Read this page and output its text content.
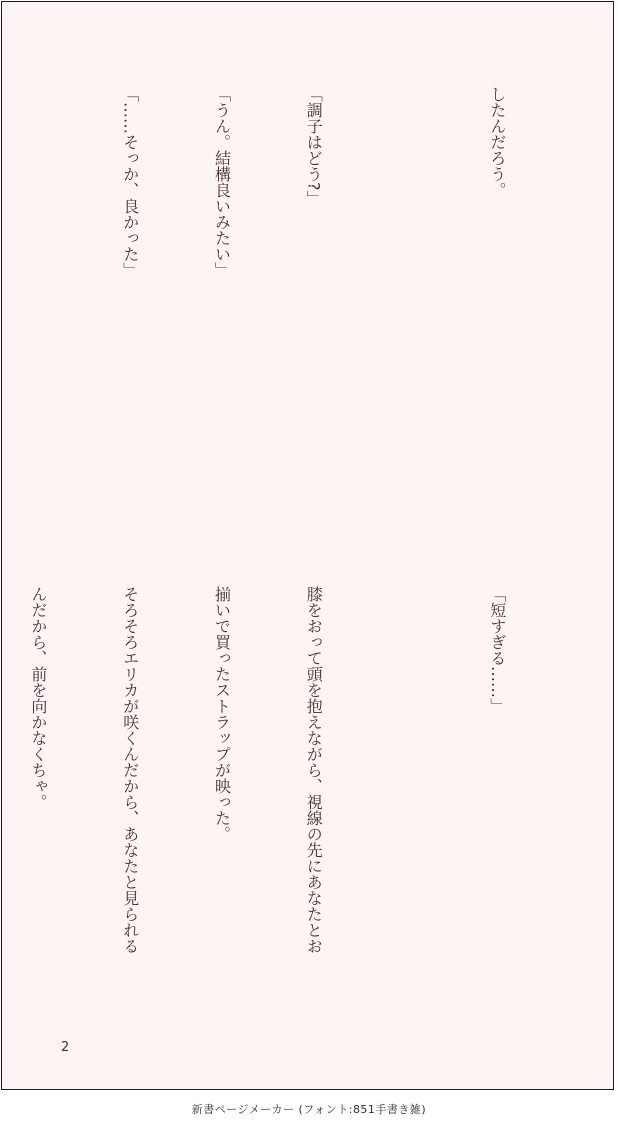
したんだろう。

「調子はどう?」

「うん。結構良いみたい」

「……そっか、良かった」

「短すぎる……」

膝をおって頭を抱えながら、視線の先にあなたとお

揃いで買ったストラップが映った。

そろそろエリカが咲くんだから、あなたと見られる

んだから、前を向かなくちゃ。

2
新書ページメーカー (フォント:851手書き雑)
